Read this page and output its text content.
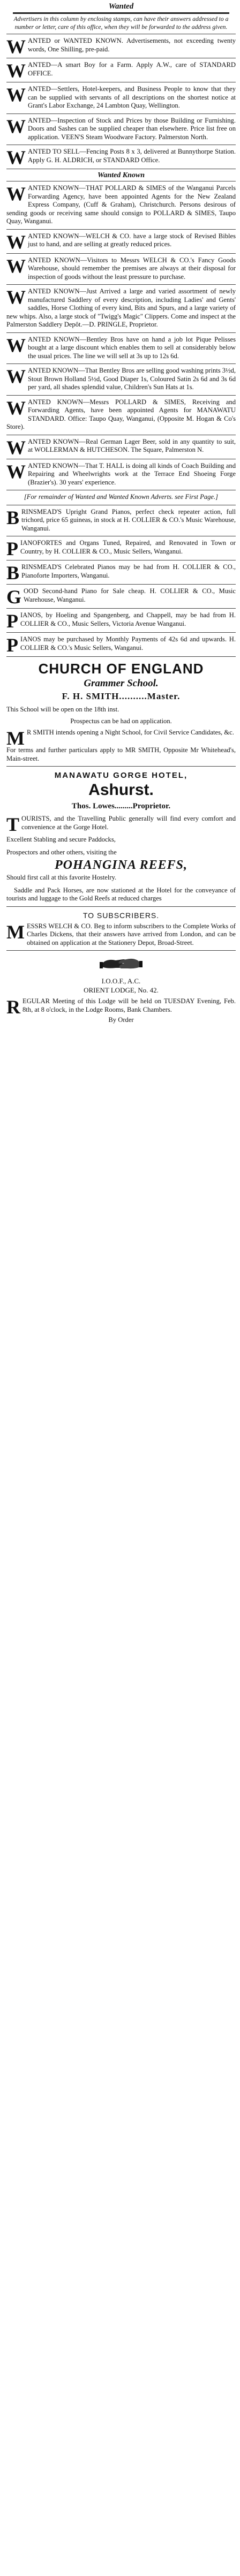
Wanted
Advertisers in this column by enclosing stamps, can have their answers addressed to a number or letter, care of this office, when they will be forwarded to the address given.

WANTED or WANTED KNOWN. Advertisements, not exceeding twenty words, One Shilling, pre-paid.

WANTED—A smart Boy for a Farm. Apply A.W., care of STANDARD OFFICE.

WANTED—Settlers, Hotel-keepers, and Business People to know that they can be supplied with servants of all descriptions on the shortest notice at Grant's Labor Exchange, 24 Lambton Quay, Wellington.

WANTED—Inspection of Stock and Prices by those Building or Furnishing. Doors and Sashes can be supplied cheaper than elsewhere. Price list free on application. VEEN'S Steam Woodware Factory. Palmerston North.

WANTED TO SELL—Fencing Posts 8 x 3, delivered at Bunnythorpe Station. Apply G. H. ALDRICH, or STANDARD Office.

Wanted Known

WANTED KNOWN—THAT POLLARD & SIMES of the Wanganui Parcels Forwarding Agency, have been appointed Agents for the New Zealand Express Company, (Cuff & Graham), Christchurch. Persons desirous of sending goods or receiving same should consign to POLLARD & SIMES, Taupo Quay, Wanganui.

WANTED KNOWN—WELCH & CO. have a large stock of Revised Bibles just to hand, and are selling at greatly reduced prices.

WANTED KNOWN—Visitors to Messrs WELCH & CO.'s Fancy Goods Warehouse, should remember the premises are always at their disposal for inspection of goods without the least pressure to purchase.

WANTED KNOWN—Just Arrived a large and varied assortment of newly manufactured Saddlery of every description, including Ladies' and Gents' saddles, Horse Clothing of every kind, Bits and Spurs, and a large variety of new whips. Also, a large stock of "Twigg's Magic" Clippers. Come and inspect at the Palmerston Saddlery Depôt.—D. PRINGLE, Proprietor.

WANTED KNOWN—Bentley Bros have on hand a job lot Pique Pelisses bought at a large discount which enables them to sell at considerably below the usual prices. The line we will sell at 3s up to 12s 6d.

WANTED KNOWN—That Bentley Bros are selling good washing prints 3½d, Stout Brown Holland 5½d, Good Diaper 1s, Coloured Satin 2s 6d and 3s 6d per yard, all shades splendid value, Children's Sun Hats at 1s.

WANTED KNOWN—Messrs POLLARD & SIMES, Receiving and Forwarding Agents, have been appointed Agents for MANAWATU STANDARD. Office: Taupo Quay, Wanganui, (Opposite M. Hogan & Co's Store).

WANTED KNOWN—Real German Lager Beer, sold in any quantity to suit, at WOLLERMAN & HUTCHESON. The Square, Palmerston N.

WANTED KNOWN—That T. HALL is doing all kinds of Coach Building and Repairing and Wheelwrights work at the Terrace End Shoeing Forge (Brazier's). 30 years' experience.

[For remainder of Wanted and Wanted Known Adverts. see First Page.]

BRINSMEAD'S Upright Grand Pianos, perfect check repeater action, full trichord, price 65 guineas, in stock at H. COLLIER & CO.'s Music Warehouse, Wanganui.

PIANOFORTES and Organs Tuned, Repaired, and Renovated in Town or Country, by H. COLLIER & CO., Music Sellers, Wanganui.

BRINSMEAD'S Celebrated Pianos may be had from H. COLLIER & CO., Pianoforte Importers, Wanganui.

GOOD Second-hand Piano for Sale cheap. H. COLLIER & CO., Music Warehouse, Wanganui.

PIANOS, by Hoeling and Spangenberg, and Chappell, may be had from H. COLLIER & CO., Music Sellers, Victoria Avenue Wanganui.

PIANOS may be purchased by Monthly Payments of 42s 6d and upwards. H. COLLIER & CO.'s Music Sellers, Wanganui.

CHURCH OF ENGLAND
Grammer School.
F. H. SMITH..........Master.

This School will be open on the 18th inst.

Prospectus can be had on application.

M R SMITH intends opening a Night School, for Civil Service Candidates, &c.

For terms and further particulars apply to MR SMITH, Opposite Mr Whitehead's, Main-street.

MANAWATU GORGE HOTEL,
Ashurst.
Thos. Lowes.........Proprietor.

TOURISTS, and the Travelling Public generally will find every comfort and convenience at the Gorge Hotel.

Excellent Stabling and secure Paddocks,

Prospectors and other others, visiting the

POHANGINA REEFS,

Should first call at this favorite Hostelry.

Saddle and Pack Horses, are now stationed at the Hotel for the conveyance of tourists and luggage to the Gold Reefs at reduced charges

TO SUBSCRIBERS.

MESSRS WELCH & CO. Beg to inform subscribers to the Complete Works of Charles Dickens, that their answers have arrived from London, and can be obtained on application at the Stationery Depot, Broad-Street.

I.O.O.F., A.C.
ORIENT LODGE, No. 42.

REGULAR Meeting of this Lodge will be held on TUESDAY Evening, Feb. 8th, at 8 o'clock, in the Lodge Rooms, Bank Chambers.

By Order
